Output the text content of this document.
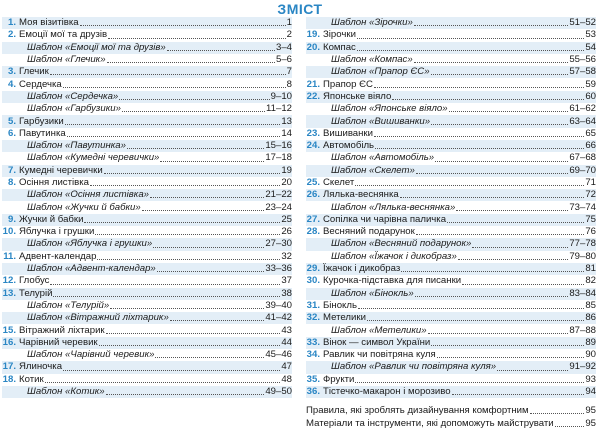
ЗМІСТ
1. Моя візитівка	1
2. Емоції мої та друзів	2
Шаблон «Емоції мої та друзів»	3–4
Шаблон «Глечик»	5–6
3. Глечик	7
4. Сердечка	8
Шаблон «Сердечка»	9–10
Шаблон «Гарбузики»	11–12
5. Гарбузики	13
6. Павутинка	14
Шаблон «Павутинка»	15–16
Шаблон «Кумедні черевички»	17–18
7. Кумедні черевички	19
8. Осіння листівка	20
Шаблон «Осіння листівка»	21–22
Шаблон «Жучки й бабки»	23–24
9. Жучки й бабки	25
10. Яблучка і грушки	26
Шаблон «Яблучка і грушки»	27–30
11. Адвент-календар	32
Шаблон «Адвент-календар»	33–36
12. Глобус	37
13. Телурій	38
Шаблон «Телурій»	39–40
Шаблон «Вітражний ліхтарик»	41–42
15. Вітражний ліхтарик	43
16. Чарівний черевик	44
Шаблон «Чарівний черевик»	45–46
17. Ялиночка	47
18. Котик	48
Шаблон «Котик»	49–50
Шаблон «Зірочки»	51–52
19. Зірочки	53
20. Компас	54
Шаблон «Компас»	55–56
Шаблон «Прапор ЄС»	57–58
21. Прапор ЄС	59
22. Японське віяло	60
Шаблон «Японське віяло»	61–62
Шаблон «Вишиванки»	63–64
23. Вишиванки	65
24. Автомобіль	66
Шаблон «Автомобіль»	67–68
Шаблон «Скелет»	69–70
25. Скелет	71
26. Лялька-веснянка	72
Шаблон «Лялька-веснянка»	73–74
27. Сопілка чи чарівна паличка	75
28. Весняний подарунок	76
Шаблон «Весняний подарунок»	77–78
Шаблон «Їжачок і дикобраз»	79–80
29. Їжачок і дикобраз	81
30. Курочка-підставка для писанки	82
Шаблон «Бінокль»	83–84
31. Бінокль	85
32. Метелики	86
Шаблон «Метелики»	87–88
33. Вінок — символ України	89
34. Равлик чи повітряна куля	90
Шаблон «Равлик чи повітряна куля»	91–92
35. Фрукти	93
36. Тістечко-макарон і морозиво	94
Правила, які зроблять дизайнування комфортним	95
Матеріали та інструменти, які допоможуть майструвати	95
